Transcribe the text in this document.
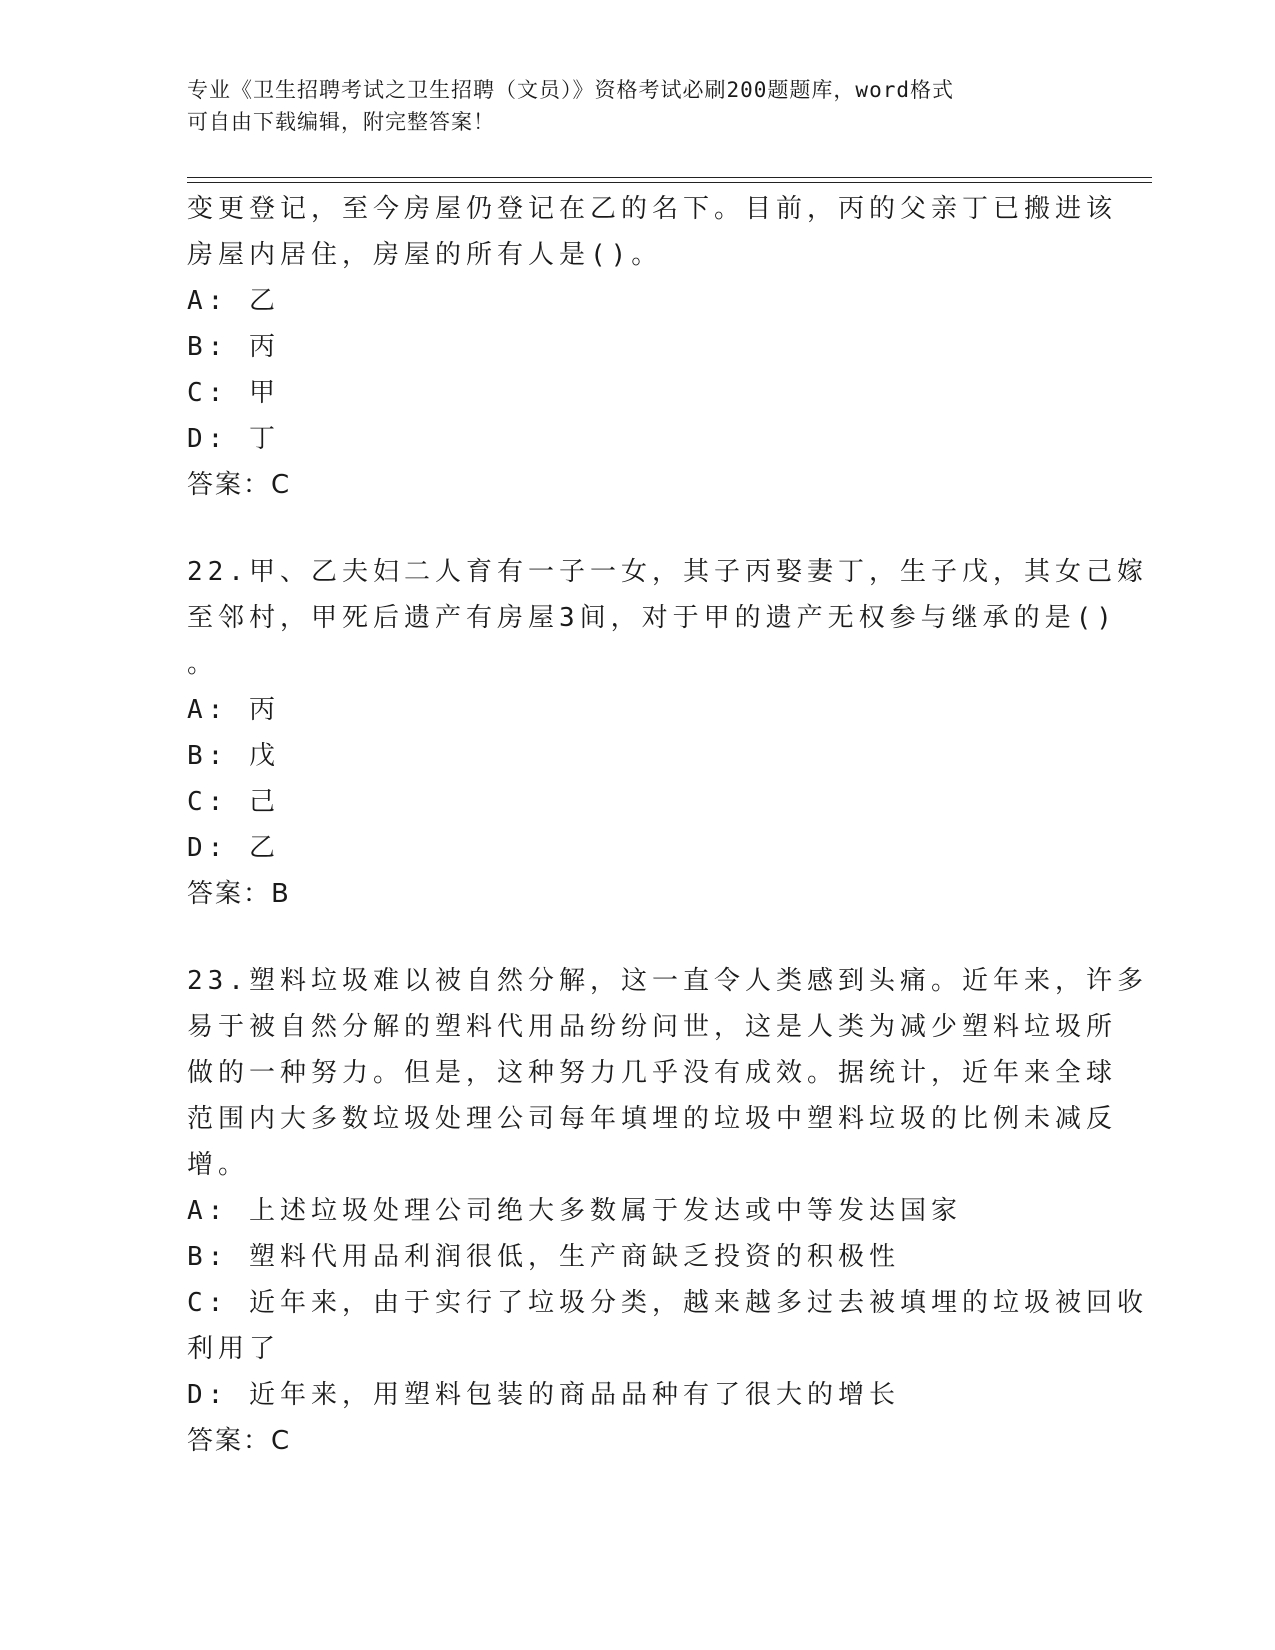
专业《卫生招聘考试之卫生招聘（文员）》资格考试必刷200题题库，word格式
可自由下载编辑，附完整答案！
变更登记，至今房屋仍登记在乙的名下。目前，丙的父亲丁已搬进该
房屋内居住，房屋的所有人是()。
A: 乙
B: 丙
C: 甲
D: 丁
答案：C
22.甲、乙夫妇二人育有一子一女，其子丙娶妻丁，生子戊，其女己嫁
至邻村，甲死后遗产有房屋3间，对于甲的遗产无权参与继承的是()
。
A: 丙
B: 戊
C: 己
D: 乙
答案：B
23.塑料垃圾难以被自然分解，这一直令人类感到头痛。近年来，许多
易于被自然分解的塑料代用品纷纷问世，这是人类为减少塑料垃圾所
做的一种努力。但是，这种努力几乎没有成效。据统计，近年来全球
范围内大多数垃圾处理公司每年填埋的垃圾中塑料垃圾的比例未减反
增。
A: 上述垃圾处理公司绝大多数属于发达或中等发达国家
B: 塑料代用品利润很低，生产商缺乏投资的积极性
C: 近年来，由于实行了垃圾分类，越来越多过去被填埋的垃圾被回收
利用了
D: 近年来，用塑料包装的商品品种有了很大的增长
答案：C
